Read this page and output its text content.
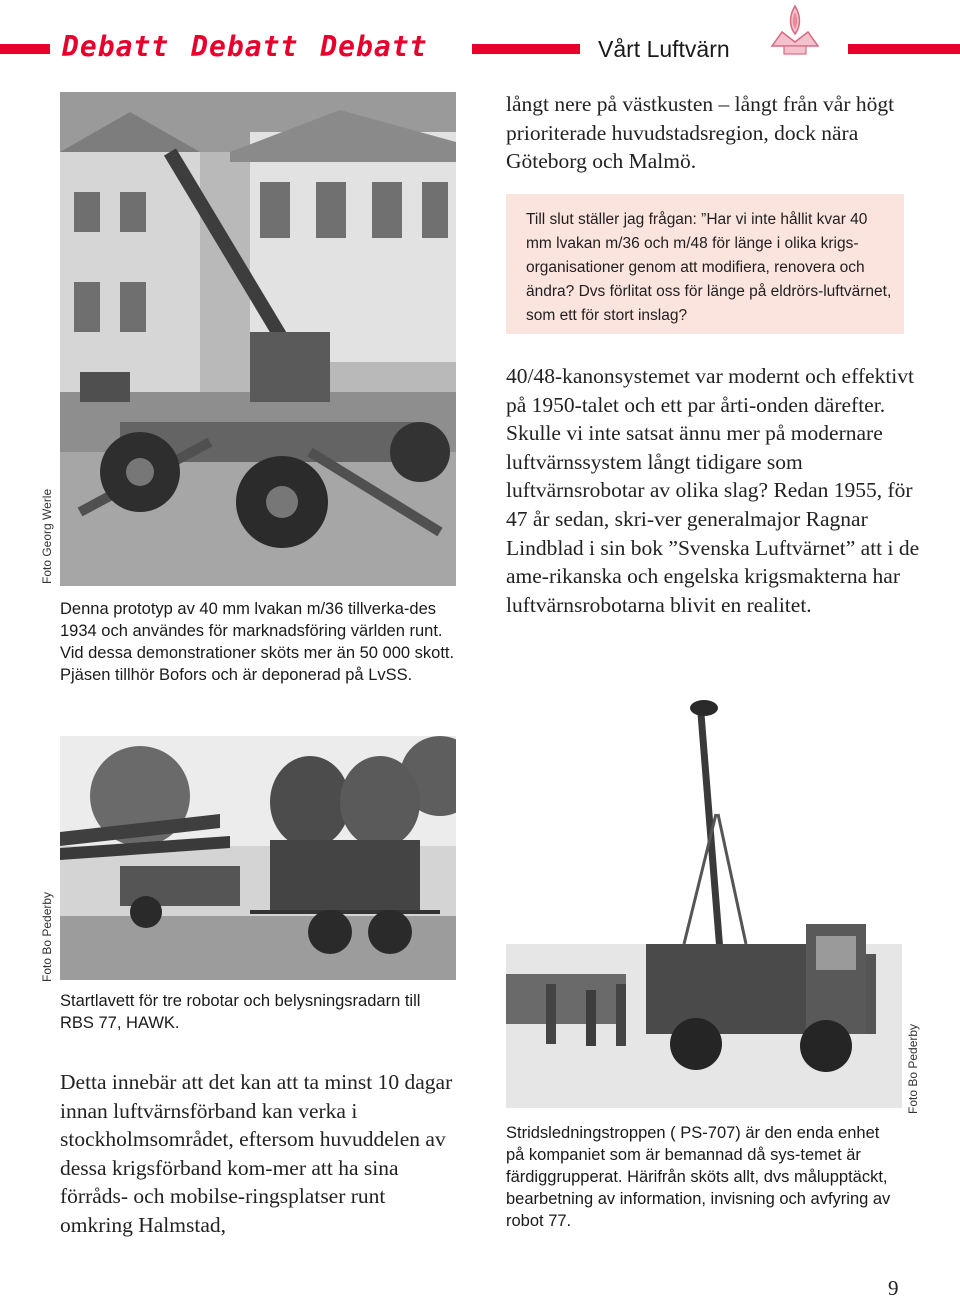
Debatt Debatt Debatt	Vårt Luftvärn
Foto Georg Werle
Denna prototyp av 40 mm lvakan m/36 tillverka-des 1934 och användes för marknadsföring världen runt. Vid dessa demonstrationer sköts mer än 50 000 skott. Pjäsen tillhör Bofors och är deponerad på LvSS.
långt nere på västkusten – långt från vår högt prioriterade huvudstadsregion, dock nära Göteborg och Malmö.
Till slut ställer jag frågan: ”Har vi inte hållit kvar 40 mm lvakan m/36 och m/48 för länge i olika krigs-organisationer genom att modifiera, renovera och ändra? Dvs förlitat oss för länge på eldrörs-luftvärnet, som ett för stort inslag?
40/48-kanonsystemet var modernt och effektivt på 1950-talet och ett par årti-onden därefter. Skulle vi inte satsat ännu mer på modernare luftvärnssystem långt tidigare som luftvärnsrobotar av olika slag? Redan 1955, för 47 år sedan, skri-ver generalmajor Ragnar Lindblad i sin bok ”Svenska Luftvärnet” att i de ame-rikanska och engelska krigsmakterna har luftvärnsrobotarna blivit en realitet.
Foto Bo Pederby
Startlavett för tre robotar och belysningsradarn till RBS 77, HAWK.
Detta innebär att det kan att ta minst 10 dagar innan luftvärnsförband kan verka i stockholmsområdet, eftersom huvuddelen av dessa krigsförband kom-mer att ha sina förråds- och mobilse-ringsplatser runt omkring Halmstad,
Foto Bo Pederby
Stridsledningstroppen ( PS-707) är den enda enhet på kompaniet som är bemannad då sys-temet är färdiggrupperat. Härifrån sköts allt, dvs målupptäckt, bearbetning av information, invisning och avfyring av robot 77.
9
